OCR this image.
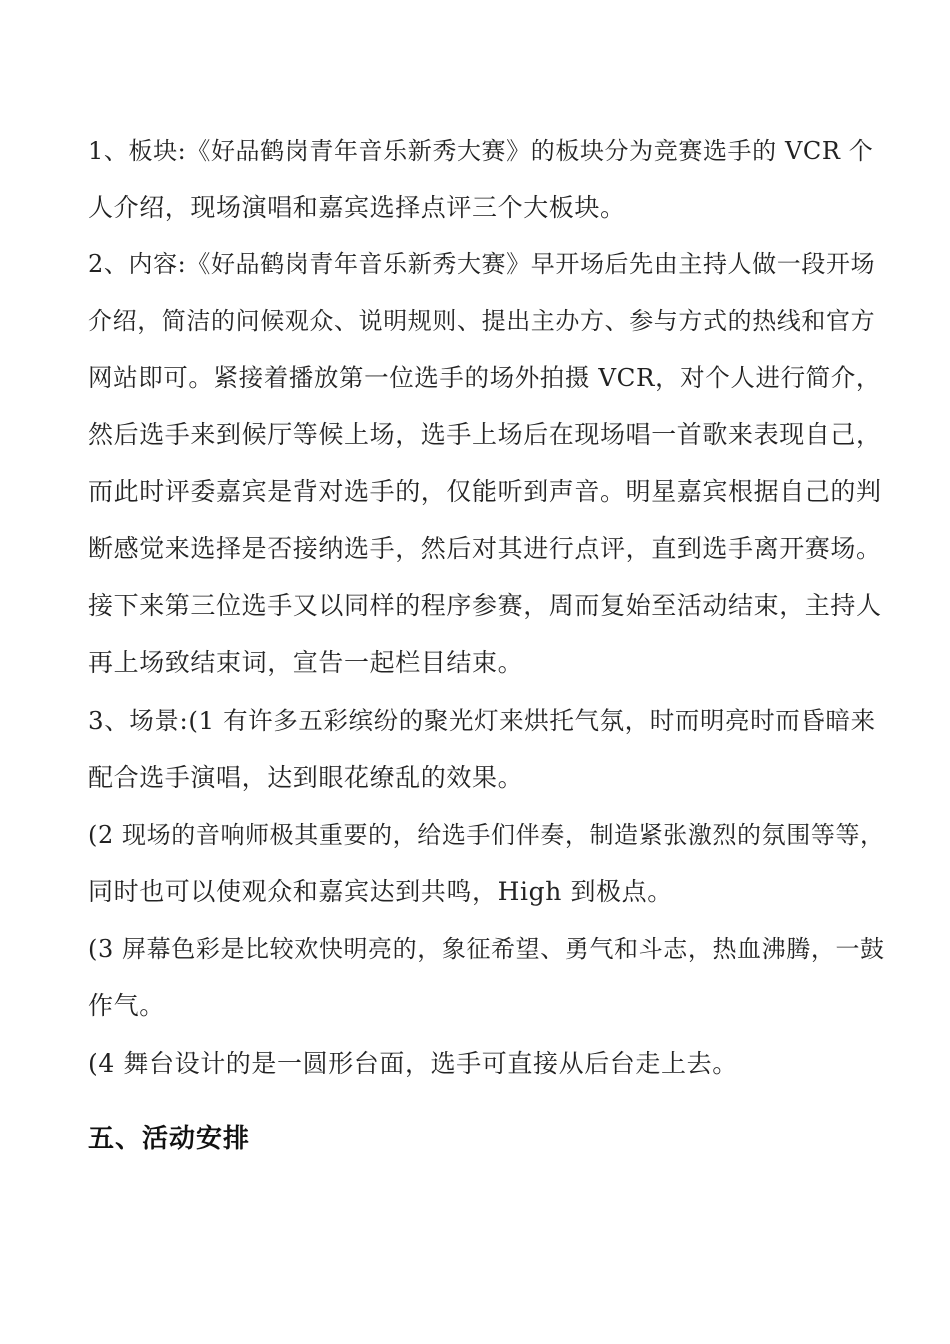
1、板块:《好品鹤岗青年音乐新秀大赛》的板块分为竞赛选手的 VCR 个
人介绍，现场演唱和嘉宾选择点评三个大板块。
2、内容:《好品鹤岗青年音乐新秀大赛》早开场后先由主持人做一段开场
介绍，简洁的问候观众、说明规则、提出主办方、参与方式的热线和官方
网站即可。紧接着播放第一位选手的场外拍摄 VCR，对个人进行简介，
然后选手来到候厅等候上场，选手上场后在现场唱一首歌来表现自己，
而此时评委嘉宾是背对选手的，仅能听到声音。明星嘉宾根据自己的判
断感觉来选择是否接纳选手，然后对其进行点评，直到选手离开赛场。
接下来第三位选手又以同样的程序参赛，周而复始至活动结束，主持人
再上场致结束词，宣告一起栏目结束。
3、场景:(1 有许多五彩缤纷的聚光灯来烘托气氛，时而明亮时而昏暗来
配合选手演唱，达到眼花缭乱的效果。
(2 现场的音响师极其重要的，给选手们伴奏，制造紧张激烈的氛围等等，
同时也可以使观众和嘉宾达到共鸣，High 到极点。
(3 屏幕色彩是比较欢快明亮的，象征希望、勇气和斗志，热血沸腾，一鼓
作气。
(4 舞台设计的是一圆形台面，选手可直接从后台走上去。
五、活动安排
